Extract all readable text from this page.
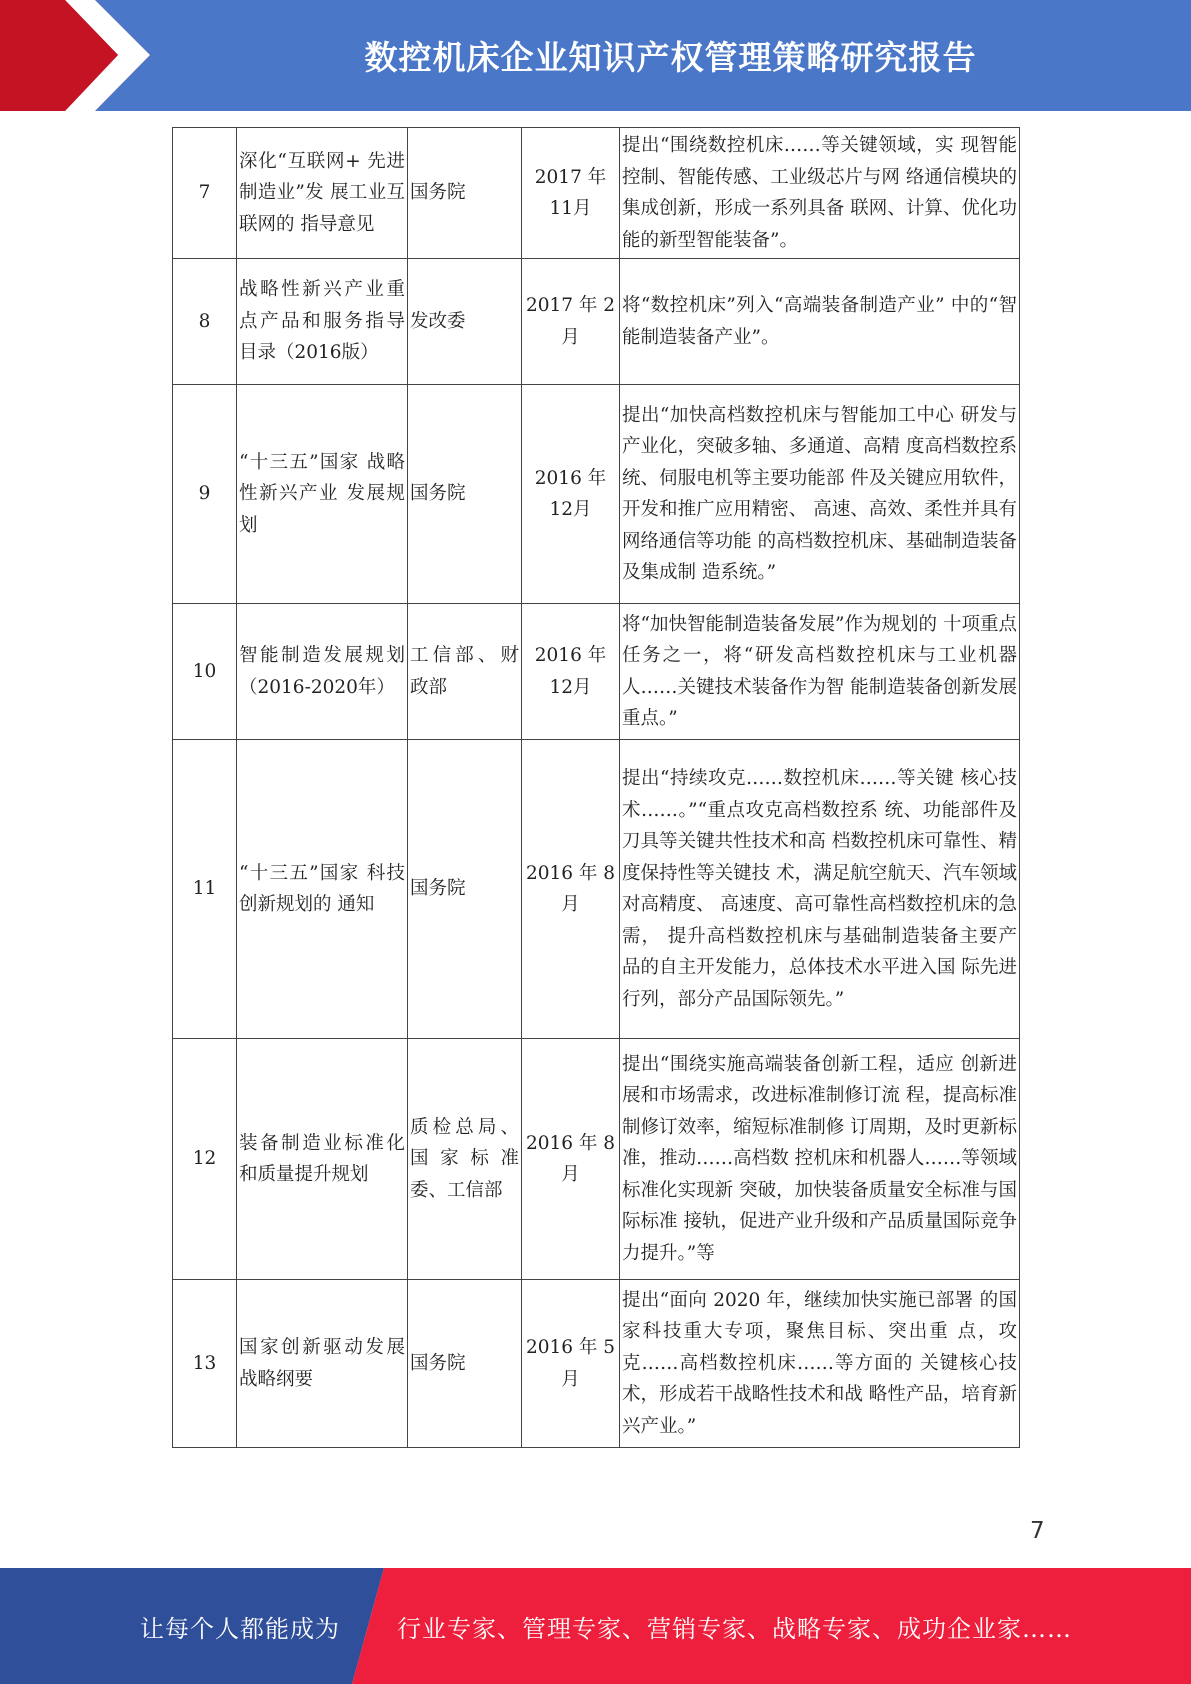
数控机床企业知识产权管理策略研究报告
7	深化“互联网+ 先进制造业”发 展工业互联网的 指导意见	国务院	2017 年 11月	提出“围绕数控机床……等关键领域，实 现智能控制、智能传感、工业级芯片与网 络通信模块的集成创新，形成一系列具备 联网、计算、优化功能的新型智能装备”。
8	战略性新兴产业重点产品和服务指导目录（2016版）	发改委	2017 年 2 月	将“数控机床”列入“高端装备制造产业” 中的“智能制造装备产业”。
9	“十三五”国家 战略性新兴产业 发展规划	国务院	2016 年 12月	提出“加快高档数控机床与智能加工中心 研发与产业化，突破多轴、多通道、高精 度高档数控系统、伺服电机等主要功能部 件及关键应用软件，开发和推广应用精密、 高速、高效、柔性并具有网络通信等功能 的高档数控机床、基础制造装备及集成制 造系统。”
10	智能制造发展规划（2016-2020年）	工信部、财政部	2016 年 12月	将“加快智能制造装备发展”作为规划的 十项重点任务之一，将“研发高档数控机床与工业机器人……关键技术装备作为智 能制造装备创新发展重点。”
11	“十三五”国家 科技创新规划的 通知	国务院	2016 年 8 月	提出“持续攻克……数控机床……等关键 核心技术……。”“重点攻克高档数控系 统、功能部件及刀具等关键共性技术和高 档数控机床可靠性、精度保持性等关键技 术，满足航空航天、汽车领域对高精度、 高速度、高可靠性高档数控机床的急需， 提升高档数控机床与基础制造装备主要产 品的自主开发能力，总体技术水平进入国 际先进行列，部分产品国际领先。”
12	装备制造业标准化和质量提升规划	质检总局、国家标准委、工信部	2016 年 8 月	提出“围绕实施高端装备创新工程，适应 创新进展和市场需求，改进标准制修订流 程，提高标准制修订效率，缩短标准制修 订周期，及时更新标准，推动……高档数 控机床和机器人……等领域标准化实现新 突破，加快装备质量安全标准与国际标准 接轨，促进产业升级和产品质量国际竞争 力提升。”等
13	国家创新驱动发展战略纲要	国务院	2016 年 5 月	提出“面向 2020 年，继续加快实施已部署 的国家科技重大专项，聚焦目标、突出重 点，攻克……高档数控机床……等方面的 关键核心技术，形成若干战略性技术和战 略性产品，培育新兴产业。”
7
让每个人都能成为 行业专家、管理专家、营销专家、战略专家、成功企业家……
